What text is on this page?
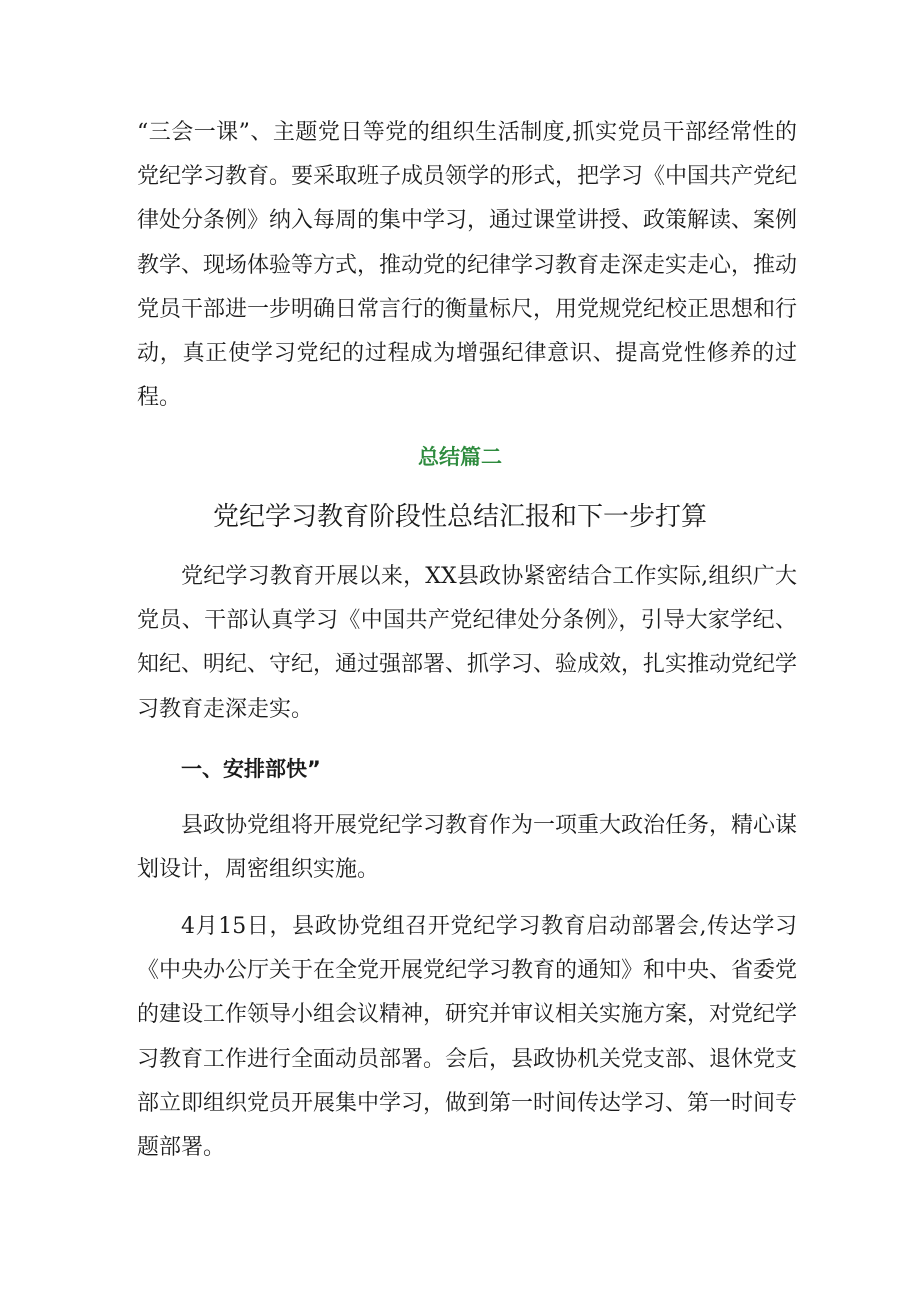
“三会一课”、主题党日等党的组织生活制度,抓实党员干部经常性的党纪学习教育。要采取班子成员领学的形式，把学习《中国共产党纪律处分条例》纳入每周的集中学习，通过课堂讲授、政策解读、案例教学、现场体验等方式，推动党的纪律学习教育走深走实走心，推动党员干部进一步明确日常言行的衡量标尺，用党规党纪校正思想和行动，真正使学习党纪的过程成为增强纪律意识、提高党性修养的过程。

总结篇二
党纪学习教育阶段性总结汇报和下一步打算

党纪学习教育开展以来，XX县政协紧密结合工作实际,组织广大党员、干部认真学习《中国共产党纪律处分条例》，引导大家学纪、知纪、明纪、守纪，通过强部署、抓学习、验成效，扎实推动党纪学习教育走深走实。

一、安排部快”

县政协党组将开展党纪学习教育作为一项重大政治任务，精心谋划设计，周密组织实施。

4月15日，县政协党组召开党纪学习教育启动部署会,传达学习《中央办公厅关于在全党开展党纪学习教育的通知》和中央、省委党的建设工作领导小组会议精神，研究并审议相关实施方案，对党纪学习教育工作进行全面动员部署。会后，县政协机关党支部、退休党支部立即组织党员开展集中学习，做到第一时间传达学习、第一时间专题部署。
